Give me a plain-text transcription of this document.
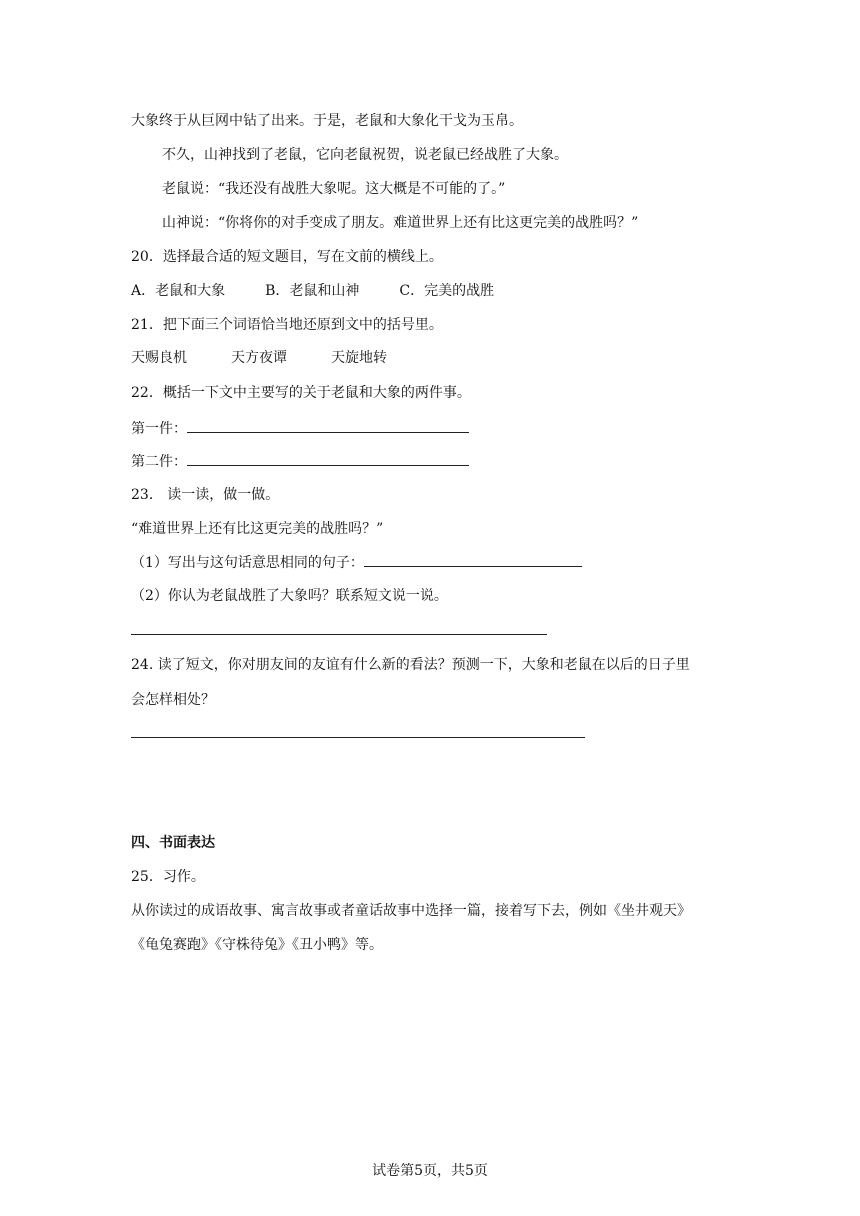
大象终于从巨网中钻了出来。于是，老鼠和大象化干戈为玉帛。
不久，山神找到了老鼠，它向老鼠祝贺，说老鼠已经战胜了大象。
老鼠说：“我还没有战胜大象呢。这大概是不可能的了。”
山神说：“你将你的对手变成了朋友。难道世界上还有比这更完美的战胜吗？”
20．选择最合适的短文题目，写在文前的横线上。
A．老鼠和大象	B．老鼠和山神	C．完美的战胜
21．把下面三个词语恰当地还原到文中的括号里。
天赐良机	天方夜谭	天旋地转
22．概括一下文中主要写的关于老鼠和大象的两件事。
第一件：
第二件：
23． 读一读，做一做。
“难道世界上还有比这更完美的战胜吗？”
（1）写出与这句话意思相同的句子：
（2）你认为老鼠战胜了大象吗？联系短文说一说。
24. 读了短文，你对朋友间的友谊有什么新的看法？预测一下，大象和老鼠在以后的日子里
会怎样相处？
四、书面表达
25．习作。
从你读过的成语故事、寓言故事或者童话故事中选择一篇，接着写下去，例如《坐井观天》
《龟兔赛跑》《守株待兔》《丑小鸭》等。
试卷第5页，共5页
